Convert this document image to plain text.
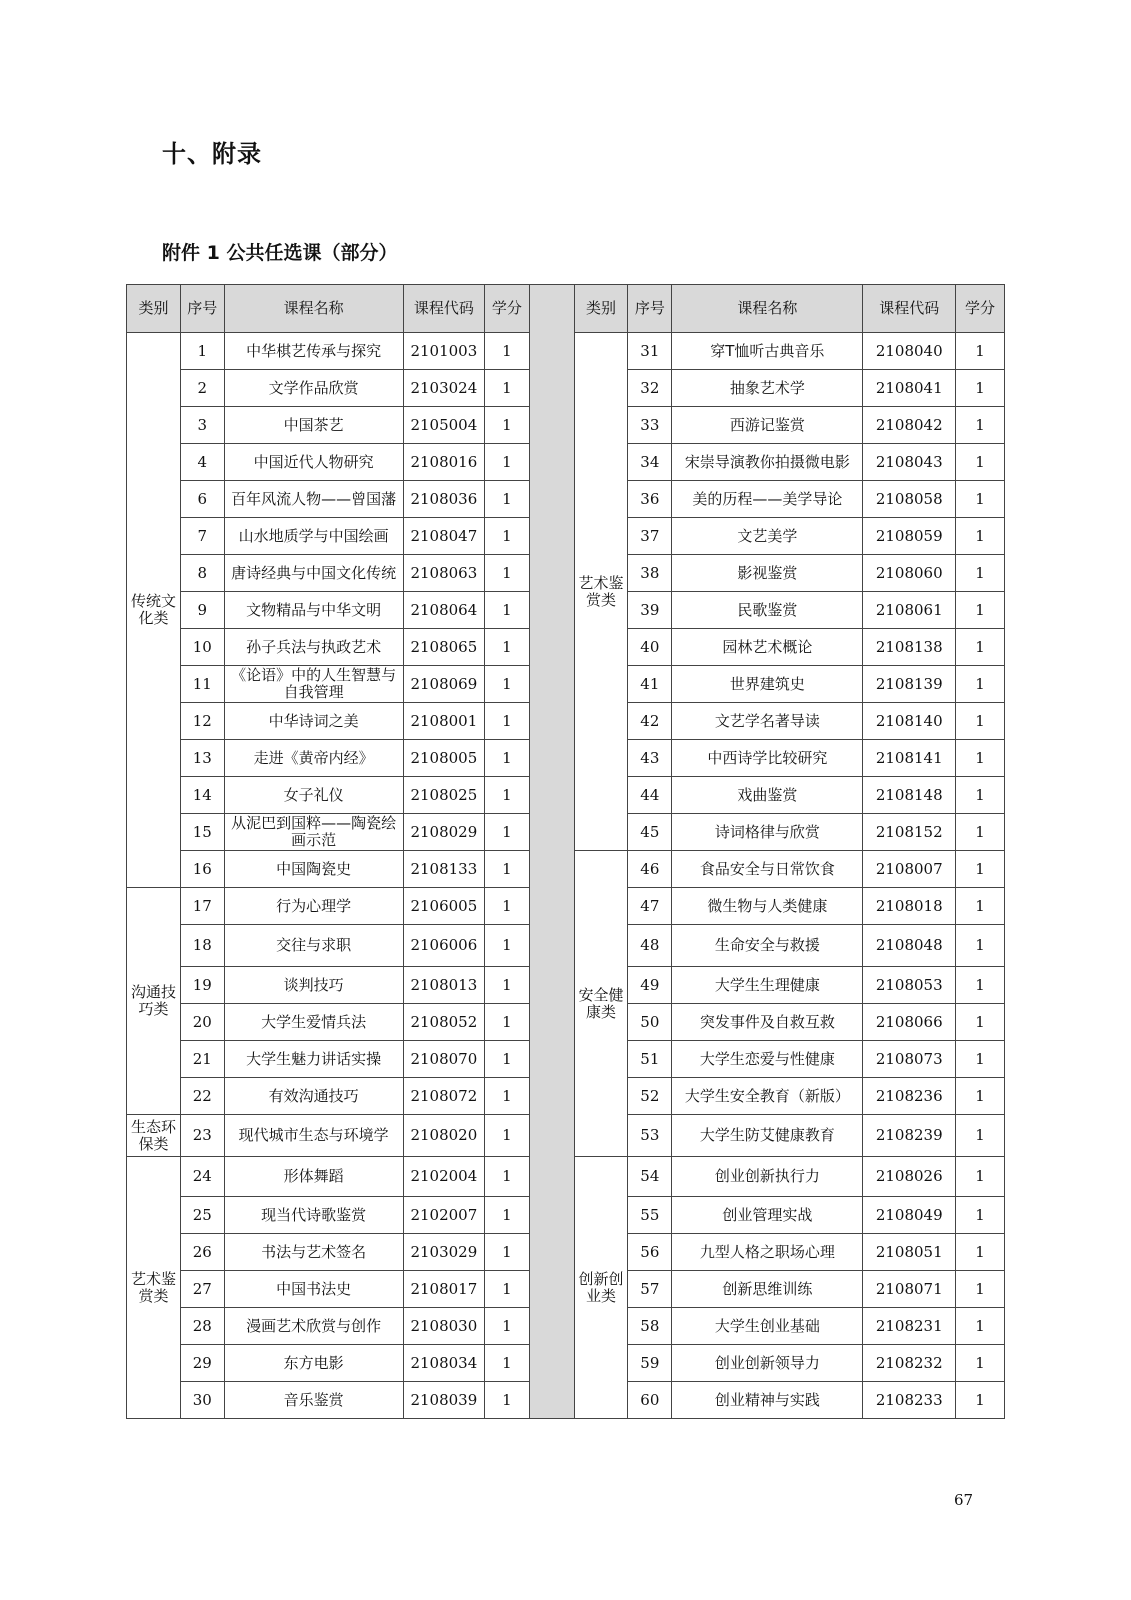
十、附录
附件 1 公共任选课（部分）
类别	序号	课程名称	课程代码	学分		类别	序号	课程名称	课程代码	学分
传统文化类	1	中华棋艺传承与探究	2101003	1		艺术鉴赏类	31	穿T恤听古典音乐	2108040	1
	2	文学作品欣赏	2103024	1			32	抽象艺术学	2108041	1
	3	中国茶艺	2105004	1			33	西游记鉴赏	2108042	1
	4	中国近代人物研究	2108016	1			34	宋崇导演教你拍摄微电影	2108043	1
	6	百年风流人物——曾国藩	2108036	1			36	美的历程——美学导论	2108058	1
	7	山水地质学与中国绘画	2108047	1			37	文艺美学	2108059	1
	8	唐诗经典与中国文化传统	2108063	1			38	影视鉴赏	2108060	1
	9	文物精品与中华文明	2108064	1			39	民歌鉴赏	2108061	1
	10	孙子兵法与执政艺术	2108065	1			40	园林艺术概论	2108138	1
	11	《论语》中的人生智慧与自我管理	2108069	1			41	世界建筑史	2108139	1
	12	中华诗词之美	2108001	1			42	文艺学名著导读	2108140	1
	13	走进《黄帝内经》	2108005	1			43	中西诗学比较研究	2108141	1
	14	女子礼仪	2108025	1			44	戏曲鉴赏	2108148	1
	15	从泥巴到国粹——陶瓷绘画示范	2108029	1			45	诗词格律与欣赏	2108152	1
	16	中国陶瓷史	2108133	1		安全健康类	46	食品安全与日常饮食	2108007	1
沟通技巧类	17	行为心理学	2106005	1			47	微生物与人类健康	2108018	1
	18	交往与求职	2106006	1			48	生命安全与救援	2108048	1
	19	谈判技巧	2108013	1			49	大学生生理健康	2108053	1
	20	大学生爱情兵法	2108052	1			50	突发事件及自救互救	2108066	1
	21	大学生魅力讲话实操	2108070	1			51	大学生恋爱与性健康	2108073	1
	22	有效沟通技巧	2108072	1			52	大学生安全教育（新版）	2108236	1
生态环保类	23	现代城市生态与环境学	2108020	1			53	大学生防艾健康教育	2108239	1
艺术鉴赏类	24	形体舞蹈	2102004	1		创新创业类	54	创业创新执行力	2108026	1
	25	现当代诗歌鉴赏	2102007	1			55	创业管理实战	2108049	1
	26	书法与艺术签名	2103029	1			56	九型人格之职场心理	2108051	1
	27	中国书法史	2108017	1			57	创新思维训练	2108071	1
	28	漫画艺术欣赏与创作	2108030	1			58	大学生创业基础	2108231	1
	29	东方电影	2108034	1			59	创业创新领导力	2108232	1
	30	音乐鉴赏	2108039	1			60	创业精神与实践	2108233	1
67
